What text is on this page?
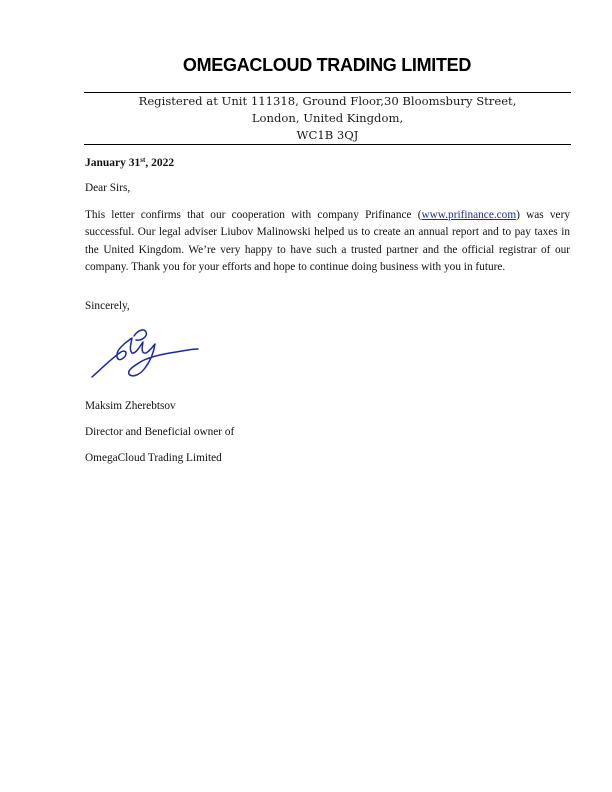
OMEGACLOUD TRADING LIMITED
Registered at Unit 111318, Ground Floor,30 Bloomsbury Street,
London, United Kingdom,
WC1B 3QJ
January 31st, 2022
Dear Sirs,
This letter confirms that our cooperation with company Prifinance (www.prifinance.com) was very successful. Our legal adviser Liubov Malinowski helped us to create an annual report and to pay taxes in the United Kingdom. We’re very happy to have such a trusted partner and the official registrar of our company. Thank you for your efforts and hope to continue doing business with you in future.
Sincerely,
Maksim Zherebtsov
Director and Beneficial owner of
OmegaCloud Trading Limited
